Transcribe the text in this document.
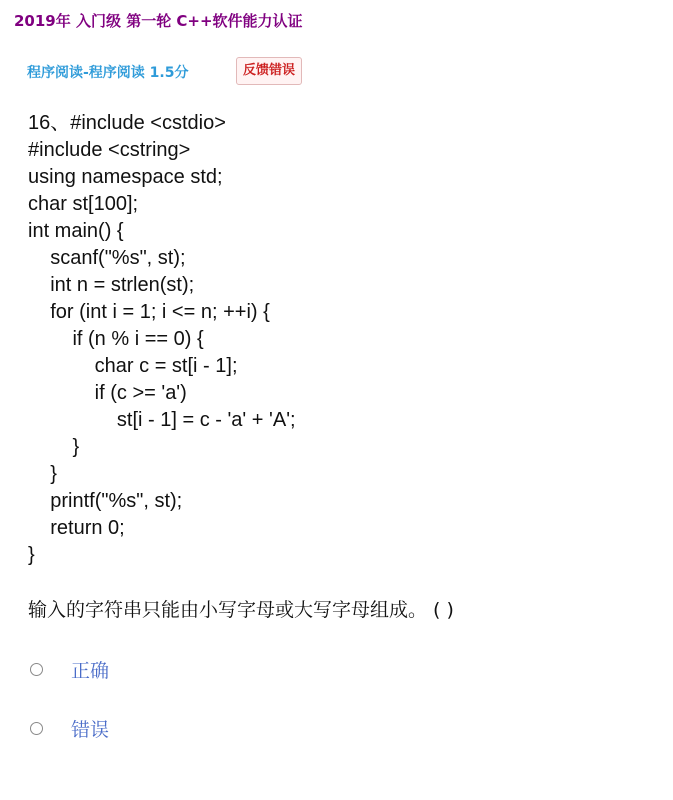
2019年 入门级 第一轮 C++软件能力认证
程序阅读-程序阅读 1.5分	反馈错误
16、#include <cstdio>
#include <cstring>
using namespace std;
char st[100];
int main() {
scanf("%s", st);
int n = strlen(st);
for (int i = 1; i <= n; ++i) {
if (n % i == 0) {
char c = st[i - 1];
if (c >= 'a')
st[i - 1] = c - 'a' + 'A';
}
}
printf("%s", st);
return 0;
}
输入的字符串只能由小写字母或大写字母组成。 ( )
正确
错误
